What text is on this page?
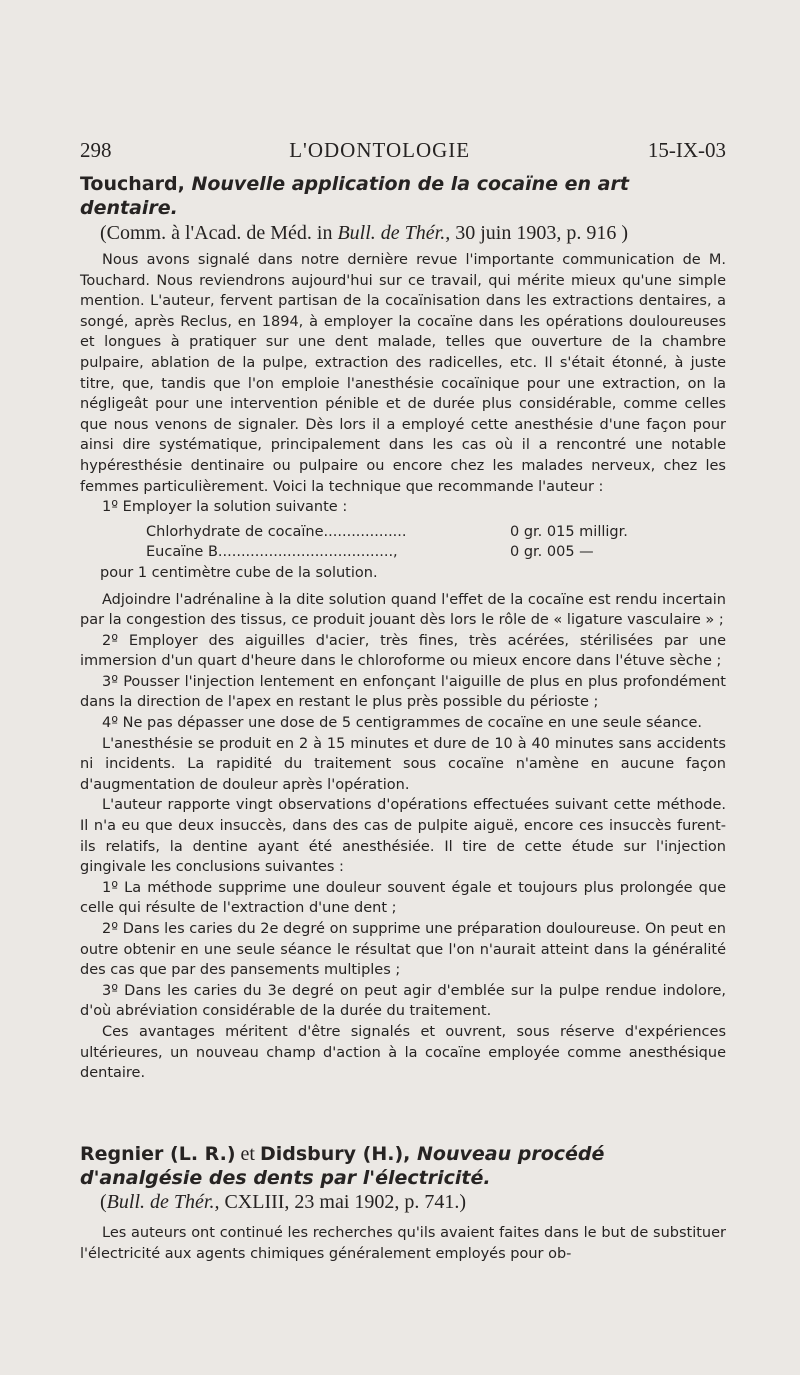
298	L'ODONTOLOGIE	15-IX-03
Touchard, Nouvelle application de la cocaïne en art dentaire.
(Comm. à l'Acad. de Méd. in Bull. de Thér., 30 juin 1903, p. 916 )

Nous avons signalé dans notre dernière revue l'importante communication de M. Touchard. Nous reviendrons aujourd'hui sur ce travail, qui mérite mieux qu'une simple mention. L'auteur, fervent partisan de la cocaïnisation dans les extractions dentaires, a songé, après Reclus, en 1894, à employer la cocaïne dans les opérations douloureuses et longues à pratiquer sur une dent malade, telles que ouverture de la chambre pulpaire, ablation de la pulpe, extraction des radicelles, etc. Il s'était étonné, à juste titre, que, tandis que l'on emploie l'anesthésie cocaïnique pour une extraction, on la négligeât pour une intervention pénible et de durée plus considérable, comme celles que nous venons de signaler. Dès lors il a employé cette anesthésie d'une façon pour ainsi dire systématique, principalement dans les cas où il a rencontré une notable hypéresthésie dentinaire ou pulpaire ou encore chez les malades nerveux, chez les femmes particulièrement. Voici la technique que recommande l'auteur :

1º Employer la solution suivante :

Chlorhydrate de cocaïne..................	0 gr. 015 milligr.
Eucaïne B......................................,	0 gr. 005 —
pour 1 centimètre cube de la solution.

Adjoindre l'adrénaline à la dite solution quand l'effet de la cocaïne est rendu incertain par la congestion des tissus, ce produit jouant dès lors le rôle de « ligature vasculaire » ;

2º Employer des aiguilles d'acier, très fines, très acérées, stérilisées par une immersion d'un quart d'heure dans le chloroforme ou mieux encore dans l'étuve sèche ;

3º Pousser l'injection lentement en enfonçant l'aiguille de plus en plus profondément dans la direction de l'apex en restant le plus près possible du périoste ;

4º Ne pas dépasser une dose de 5 centigrammes de cocaïne en une seule séance.

L'anesthésie se produit en 2 à 15 minutes et dure de 10 à 40 minutes sans accidents ni incidents. La rapidité du traitement sous cocaïne n'amène en aucune façon d'augmentation de douleur après l'opération.

L'auteur rapporte vingt observations d'opérations effectuées suivant cette méthode. Il n'a eu que deux insuccès, dans des cas de pulpite aiguë, encore ces insuccès furent-ils relatifs, la dentine ayant été anesthésiée. Il tire de cette étude sur l'injection gingivale les conclusions suivantes :

1º La méthode supprime une douleur souvent égale et toujours plus prolongée que celle qui résulte de l'extraction d'une dent ;

2º Dans les caries du 2e degré on supprime une préparation douloureuse. On peut en outre obtenir en une seule séance le résultat que l'on n'aurait atteint dans la généralité des cas que par des pansements multiples ;

3º Dans les caries du 3e degré on peut agir d'emblée sur la pulpe rendue indolore, d'où abréviation considérable de la durée du traitement.

Ces avantages méritent d'être signalés et ouvrent, sous réserve d'expériences ultérieures, un nouveau champ d'action à la cocaïne employée comme anesthésique dentaire.

Regnier (L. R.) et Didsbury (H.), Nouveau procédé d'analgésie des dents par l'électricité.
(Bull. de Thér., CXLIII, 23 mai 1902, p. 741.)

Les auteurs ont continué les recherches qu'ils avaient faites dans le but de substituer l'électricité aux agents chimiques généralement employés pour ob-
